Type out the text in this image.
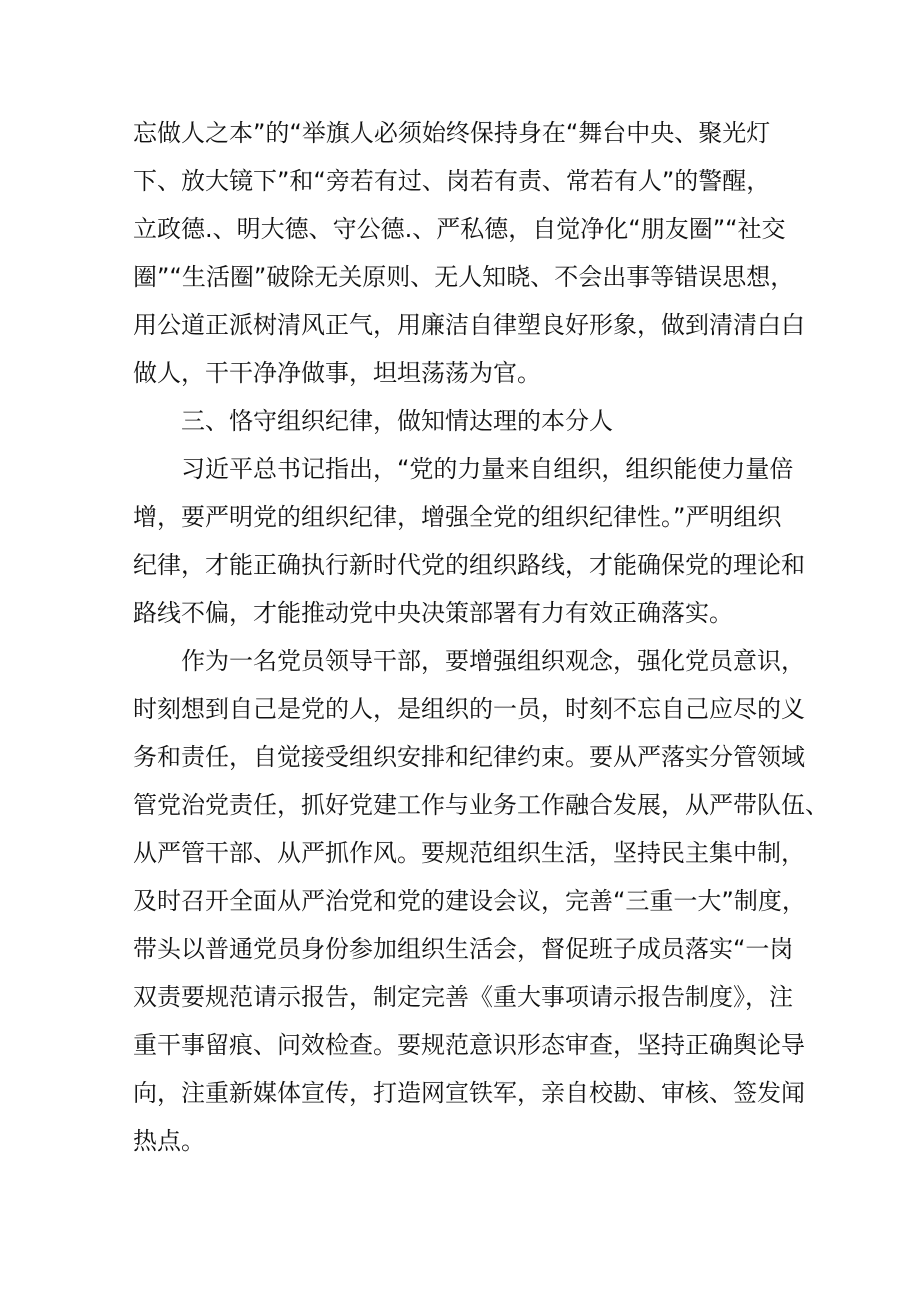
忘做人之本”的“举旗人必须始终保持身在“舞台中央、聚光灯
下、放大镜下”和“旁若有过、岗若有责、常若有人”的警醒，
立政德.、明大德、守公德.、严私德，自觉净化“朋友圈”“社交
圈”“生活圈”破除无关原则、无人知晓、不会出事等错误思想，
用公道正派树清风正气，用廉洁自律塑良好形象，做到清清白白
做人，干干净净做事，坦坦荡荡为官。
三、恪守组织纪律，做知情达理的本分人
习近平总书记指出，“党的力量来自组织，组织能使力量倍
增，要严明党的组织纪律，增强全党的组织纪律性。”严明组织
纪律，才能正确执行新时代党的组织路线，才能确保党的理论和
路线不偏，才能推动党中央决策部署有力有效正确落实。
作为一名党员领导干部，要增强组织观念，强化党员意识，
时刻想到自己是党的人，是组织的一员，时刻不忘自己应尽的义
务和责任，自觉接受组织安排和纪律约束。要从严落实分管领域
管党治党责任，抓好党建工作与业务工作融合发展，从严带队伍、
从严管干部、从严抓作风。要规范组织生活，坚持民主集中制，
及时召开全面从严治党和党的建设会议，完善“三重一大”制度，
带头以普通党员身份参加组织生活会，督促班子成员落实“一岗
双责要规范请示报告，制定完善《重大事项请示报告制度》，注
重干事留痕、问效检查。要规范意识形态审查，坚持正确舆论导
向，注重新媒体宣传，打造网宣铁军，亲自校勘、审核、签发闻
热点。
